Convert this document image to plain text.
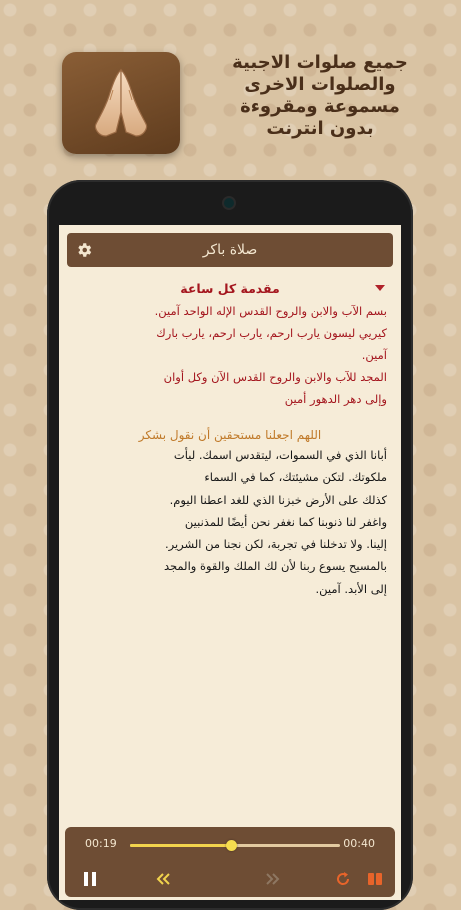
جميع صلوات الاجبية
والصلوات الاخرى
مسموعة ومقروءة
بدون انترنت
صلاة باكر
مقدمة كل ساعة
بسم الآب والابن والروح القدس الإله الواحد آمين.
كيريي ليسون يارب ارحم، يارب ارحم، يارب بارك
آمين.
المجد للآب والابن والروح القدس الآن وكل أوان
وإلى دهر الدهور أمين
اللهم اجعلنا مستحقين أن نقول بشكر
أبانا الذي في السموات، ليتقدس اسمك. ليأت
ملكوتك. لتكن مشيئتك، كما في السماء
كذلك على الأرض خبزنا الذي للغد اعطنا اليوم.
واغفر لنا ذنوبنا كما نغفر نحن أيضًا للمذنبين
إلينا. ولا تدخلنا في تجربة، لكن نجنا من الشرير.
بالمسيح يسوع ربنا لأن لك الملك والقوة والمجد
إلى الأبد. آمين.
00:19	00:40
